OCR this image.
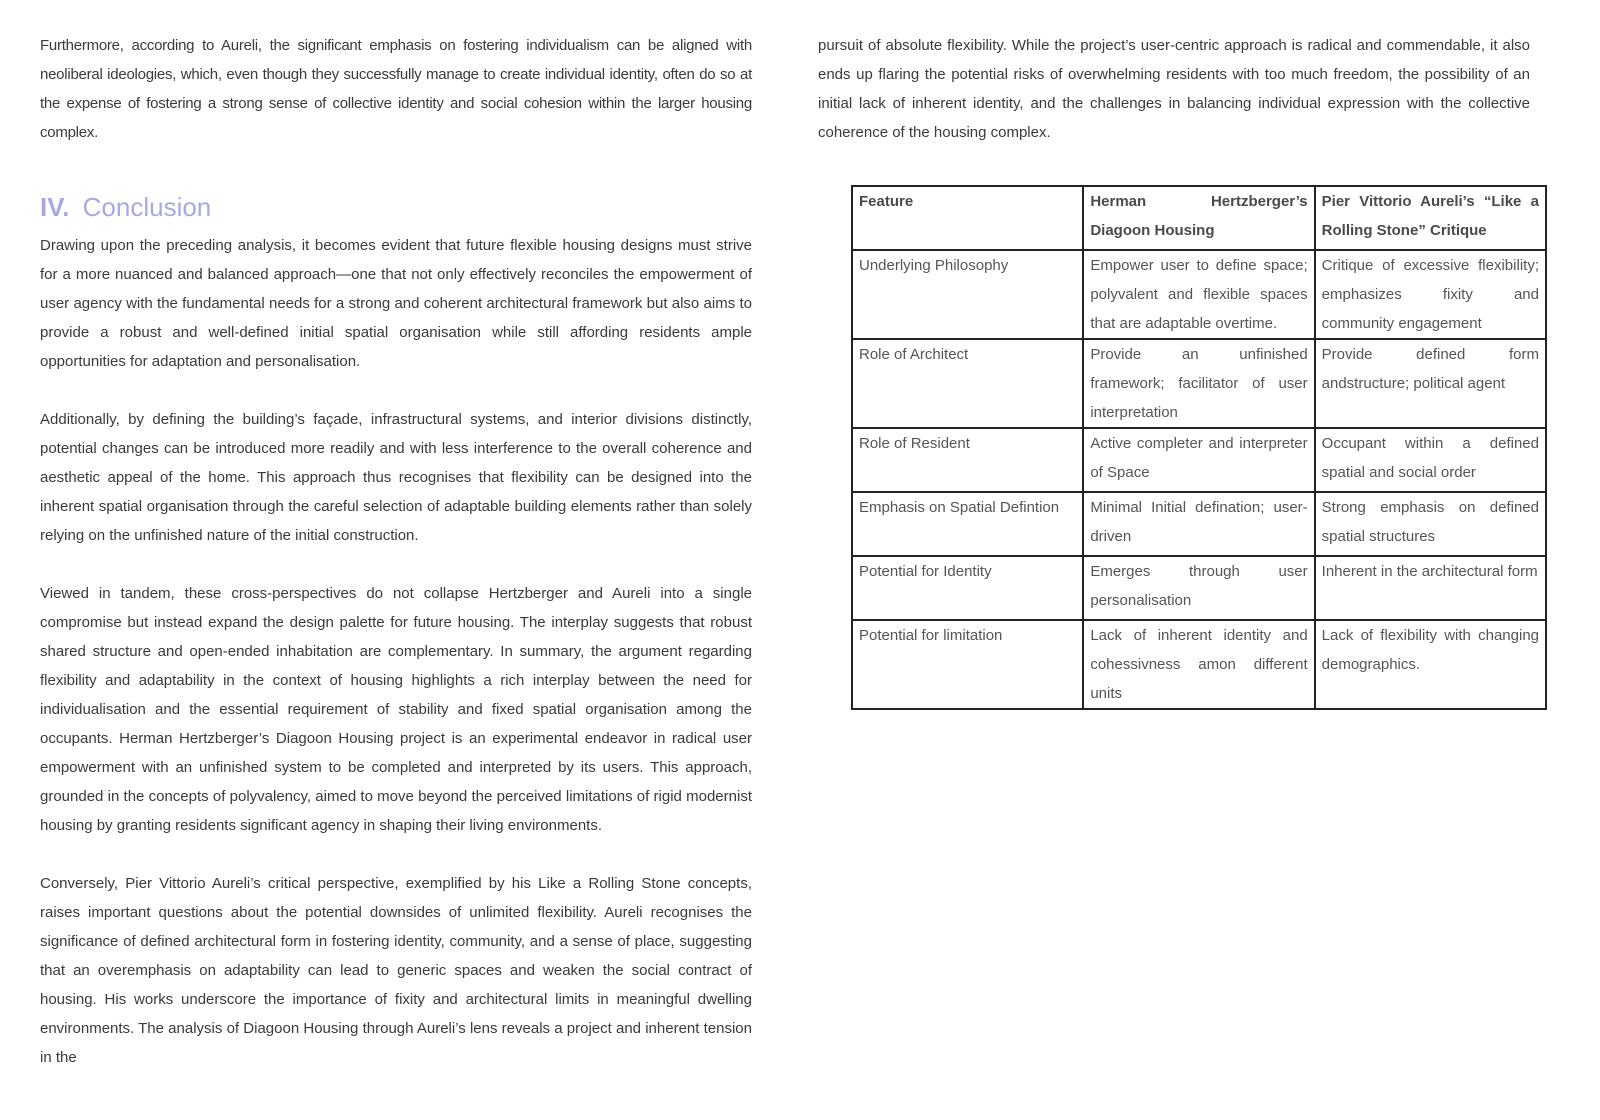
Furthermore, according to Aureli, the significant emphasis on fostering individualism can be aligned with neoliberal ideologies, which, even though they successfully manage to create individual identity, often do so at the expense of fostering a strong sense of collective identity and social cohesion within the larger housing complex.

IV. Conclusion

Drawing upon the preceding analysis, it becomes evident that future flexible housing designs must strive for a more nuanced and balanced approach—one that not only effectively reconciles the empowerment of user agency with the fundamental needs for a strong and coherent architectural framework but also aims to provide a robust and well-defined initial spatial organisation while still affording residents ample opportunities for adaptation and personalisation.

Additionally, by defining the building’s façade, infrastructural systems, and interior divisions distinctly, potential changes can be introduced more readily and with less interference to the overall coherence and aesthetic appeal of the home. This approach thus recognises that flexibility can be designed into the inherent spatial organisation through the careful selection of adaptable building elements rather than solely relying on the unfinished nature of the initial construction.

Viewed in tandem, these cross-perspectives do not collapse Hertzberger and Aureli into a single compromise but instead expand the design palette for future housing. The interplay suggests that robust shared structure and open-ended inhabitation are complementary. In summary, the argument regarding flexibility and adaptability in the context of housing highlights a rich interplay between the need for individualisation and the essential requirement of stability and fixed spatial organisation among the occupants. Herman Hertzberger’s Diagoon Housing project is an experimental endeavor in radical user empowerment with an unfinished system to be completed and interpreted by its users. This approach, grounded in the concepts of polyvalency, aimed to move beyond the perceived limitations of rigid modernist housing by granting residents significant agency in shaping their living environments.

Conversely, Pier Vittorio Aureli’s critical perspective, exemplified by his Like a Rolling Stone concepts, raises important questions about the potential downsides of unlimited flexibility. Aureli recognises the significance of defined architectural form in fostering identity, community, and a sense of place, suggesting that an overemphasis on adaptability can lead to generic spaces and weaken the social contract of housing. His works underscore the importance of fixity and architectural limits in meaningful dwelling environments. The analysis of Diagoon Housing through Aureli’s lens reveals a project and inherent tension in the

pursuit of absolute flexibility. While the project’s user-centric approach is radical and commendable, it also ends up flaring the potential risks of overwhelming residents with too much freedom, the possibility of an initial lack of inherent identity, and the challenges in balancing individual expression with the collective coherence of the housing complex.

Feature	Herman Hertzberger’s Diagoon Housing	Pier Vittorio Aureli’s “Like a Rolling Stone” Critique
Underlying Philosophy	Empower user to define space; polyvalent and flexible spaces that are adaptable overtime.	Critique of excessive flexibility; emphasizes fixity and community engagement
Role of Architect	Provide an unfinished framework; facilitator of user interpretation	Provide defined form andstructure; political agent
Role of Resident	Active completer and interpreter of Space	Occupant within a defined spatial and social order
Emphasis on Spatial Defintion	Minimal Initial defination; user-driven	Strong emphasis on defined spatial structures
Potential for Identity	Emerges through user personalisation	Inherent in the architectural form
Potential for limitation	Lack of inherent identity and cohessivness amon different units	Lack of flexibility with changing demographics.
